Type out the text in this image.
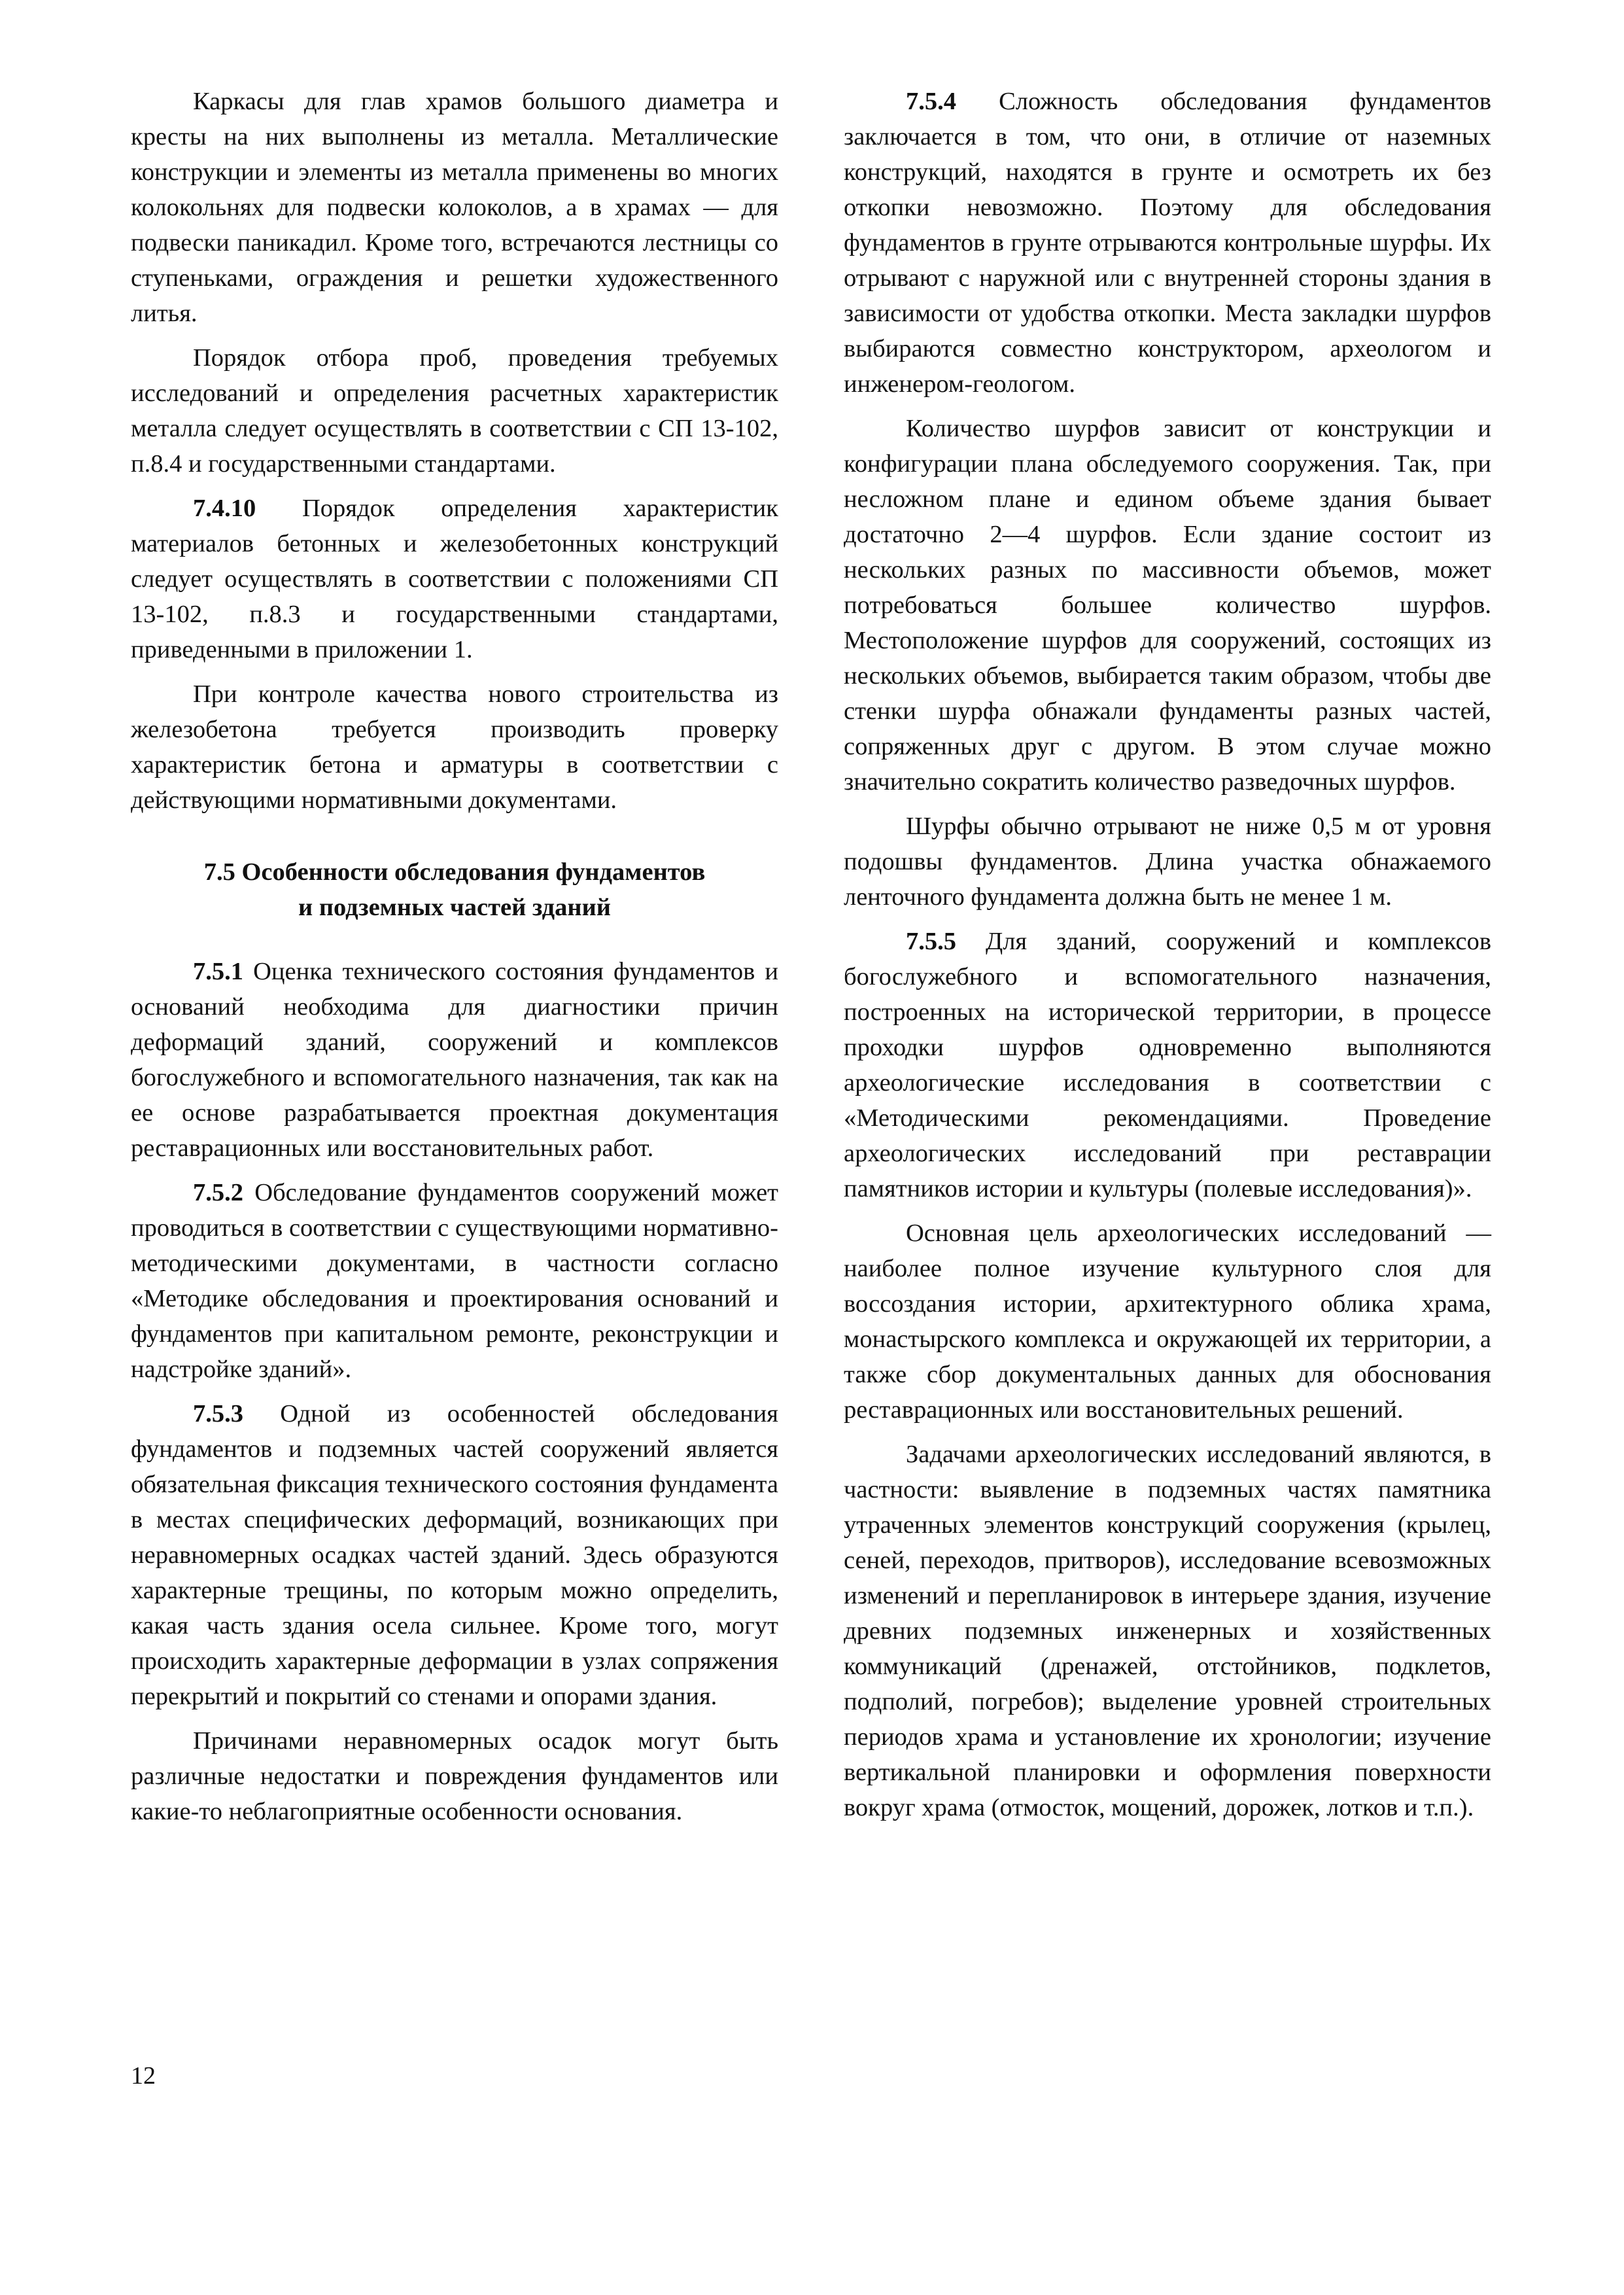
Каркасы для глав храмов большого диаметра и кресты на них выполнены из металла. Металлические конструкции и элементы из металла применены во многих колокольнях для подвески колоколов, а в храмах — для подвески паникадил. Кроме того, встречаются лестницы со ступеньками, ограждения и решетки художественного литья.

Порядок отбора проб, проведения требуемых исследований и определения расчетных характеристик металла следует осуществлять в соответствии с СП 13-102, п.8.4 и государственными стандартами.

7.4.10 Порядок определения характеристик материалов бетонных и железобетонных конструкций следует осуществлять в соответствии с положениями СП 13-102, п.8.3 и государственными стандартами, приведенными в приложении 1.

При контроле качества нового строительства из железобетона требуется производить проверку характеристик бетона и арматуры в соответствии с действующими нормативными документами.

7.5 Особенности обследования фундаментов
и подземных частей зданий

7.5.1 Оценка технического состояния фундаментов и оснований необходима для диагностики причин деформаций зданий, сооружений и комплексов богослужебного и вспомогательного назначения, так как на ее основе разрабатывается проектная документация реставрационных или восстановительных работ.

7.5.2 Обследование фундаментов сооружений может проводиться в соответствии с существующими нормативно-методическими документами, в частности согласно «Методике обследования и проектирования оснований и фундаментов при капитальном ремонте, реконструкции и надстройке зданий».

7.5.3 Одной из особенностей обследования фундаментов и подземных частей сооружений является обязательная фиксация технического состояния фундамента в местах специфических деформаций, возникающих при неравномерных осадках частей зданий. Здесь образуются характерные трещины, по которым можно определить, какая часть здания осела сильнее. Кроме того, могут происходить характерные деформации в узлах сопряжения перекрытий и покрытий со стенами и опорами здания.

Причинами неравномерных осадок могут быть различные недостатки и повреждения фундаментов или какие-то неблагоприятные особенности основания.

7.5.4 Сложность обследования фундаментов заключается в том, что они, в отличие от наземных конструкций, находятся в грунте и осмотреть их без откопки невозможно. Поэтому для обследования фундаментов в грунте отрываются контрольные шурфы. Их отрывают с наружной или с внутренней стороны здания в зависимости от удобства откопки. Места закладки шурфов выбираются совместно конструктором, археологом и инженером-геологом.

Количество шурфов зависит от конструкции и конфигурации плана обследуемого сооружения. Так, при несложном плане и едином объеме здания бывает достаточно 2—4 шурфов. Если здание состоит из нескольких разных по массивности объемов, может потребоваться большее количество шурфов. Местоположение шурфов для сооружений, состоящих из нескольких объемов, выбирается таким образом, чтобы две стенки шурфа обнажали фундаменты разных частей, сопряженных друг с другом. В этом случае можно значительно сократить количество разведочных шурфов.

Шурфы обычно отрывают не ниже 0,5 м от уровня подошвы фундаментов. Длина участка обнажаемого ленточного фундамента должна быть не менее 1 м.

7.5.5 Для зданий, сооружений и комплексов богослужебного и вспомогательного назначения, построенных на исторической территории, в процессе проходки шурфов одновременно выполняются археологические исследования в соответствии с «Методическими рекомендациями. Проведение археологических исследований при реставрации памятников истории и культуры (полевые исследования)».

Основная цель археологических исследований — наиболее полное изучение культурного слоя для воссоздания истории, архитектурного облика храма, монастырского комплекса и окружающей их территории, а также сбор документальных данных для обоснования реставрационных или восстановительных решений.

Задачами археологических исследований являются, в частности: выявление в подземных частях памятника утраченных элементов конструкций сооружения (крылец, сеней, переходов, притворов), исследование всевозможных изменений и перепланировок в интерьере здания, изучение древних подземных инженерных и хозяйственных коммуникаций (дренажей, отстойников, подклетов, подполий, погребов); выделение уровней строительных периодов храма и установление их хронологии; изучение вертикальной планировки и оформления поверхности вокруг храма (отмосток, мощений, дорожек, лотков и т.п.).

12
